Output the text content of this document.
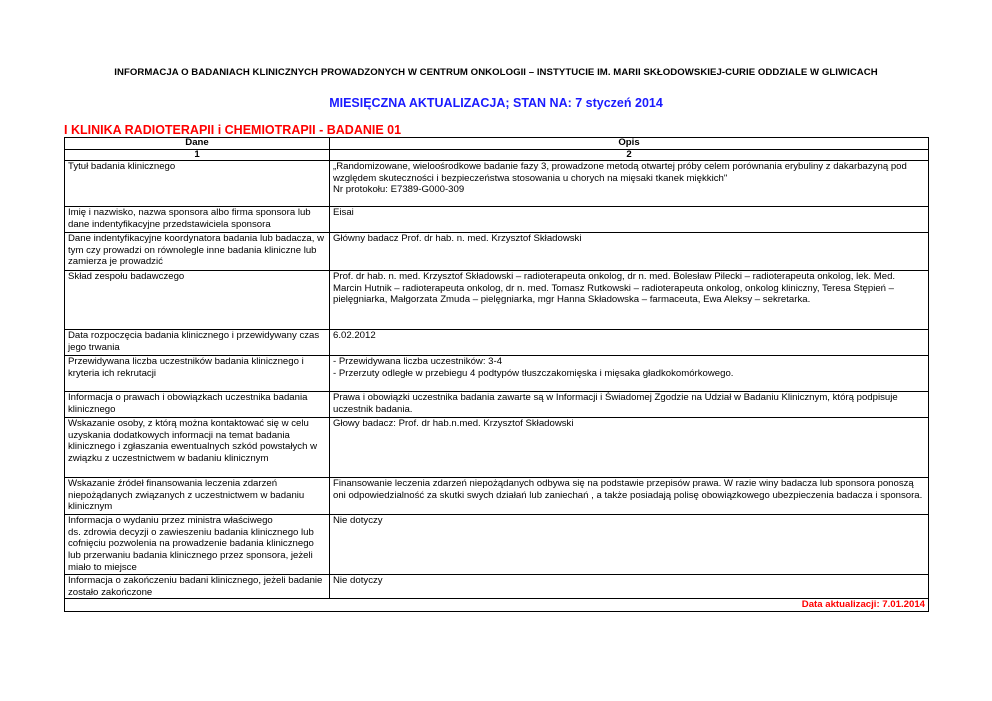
INFORMACJA O BADANIACH KLINICZNYCH PROWADZONYCH W CENTRUM ONKOLOGII – INSTYTUCIE IM. MARII SKŁODOWSKIEJ-CURIE ODDZIALE W GLIWICACH
MIESIĘCZNA AKTUALIZACJA; STAN NA: 7 styczeń 2014
I KLINIKA RADIOTERAPII i CHEMIOTRAPII - BADANIE 01
Dane	Opis
1	2
Tytuł badania klinicznego	„Randomizowane, wieloośrodkowe badanie fazy 3, prowadzone metodą otwartej próby celem porównania erybuliny z dakarbazyną pod względem skuteczności i bezpieczeństwa stosowania u chorych na mięsaki tkanek miękkich"
Nr protokołu: E7389-G000-309
Imię i nazwisko, nazwa sponsora albo firma sponsora lub dane indentyfikacyjne przedstawiciela sponsora	Eisai
Dane indentyfikacyjne koordynatora badania lub badacza, w tym czy prowadzi on równolegle inne badania kliniczne lub zamierza je prowadzić	Główny badacz Prof. dr hab. n. med. Krzysztof Składowski
Skład zespołu badawczego	Prof. dr hab. n. med. Krzysztof Składowski – radioterapeuta onkolog, dr n. med. Bolesław Pilecki – radioterapeuta onkolog, lek. Med. Marcin Hutnik – radioterapeuta onkolog, dr n. med. Tomasz Rutkowski – radioterapeuta onkolog, onkolog kliniczny, Teresa Stępień – pielęgniarka, Małgorzata Zmuda – pielęgniarka, mgr Hanna Składowska – farmaceuta, Ewa Aleksy – sekretarka.
Data rozpoczęcia badania klinicznego i przewidywany czas jego trwania	6.02.2012
Przewidywana liczba uczestników badania klinicznego i kryteria ich rekrutacji	- Przewidywana liczba uczestników: 3-4
- Przerzuty odległe w przebiegu 4 podtypów tłuszczakomięska i mięsaka gładkokomórkowego.
Informacja o prawach i obowiązkach uczestnika badania klinicznego	Prawa i obowiązki uczestnika badania zawarte są w Informacji i Świadomej Zgodzie na Udział w Badaniu Klinicznym, którą podpisuje uczestnik badania.
Wskazanie osoby, z którą można kontaktować się w celu uzyskania dodatkowych informacji na temat badania klinicznego i zgłaszania ewentualnych szkód powstałych w związku z uczestnictwem w badaniu klinicznym	Głowy badacz: Prof. dr hab.n.med. Krzysztof Składowski
Wskazanie źródeł finansowania leczenia zdarzeń niepożądanych związanych z uczestnictwem w badaniu klinicznym	Finansowanie leczenia zdarzeń niepożądanych odbywa się na podstawie przepisów prawa. W razie winy badacza lub sponsora ponoszą oni odpowiedzialność za skutki swych działań lub zaniechań , a także posiadają polisę obowiązkowego ubezpieczenia badacza i sponsora.
Informacja o wydaniu przez ministra właściwego
ds. zdrowia decyzji o zawieszeniu badania klinicznego lub cofnięciu pozwolenia na prowadzenie badania klinicznego lub przerwaniu badania klinicznego przez sponsora, jeżeli miało to miejsce	Nie dotyczy
Informacja o zakończeniu badani klinicznego, jeżeli badanie zostało zakończone	Nie dotyczy
Data aktualizacji: 7.01.2014	
